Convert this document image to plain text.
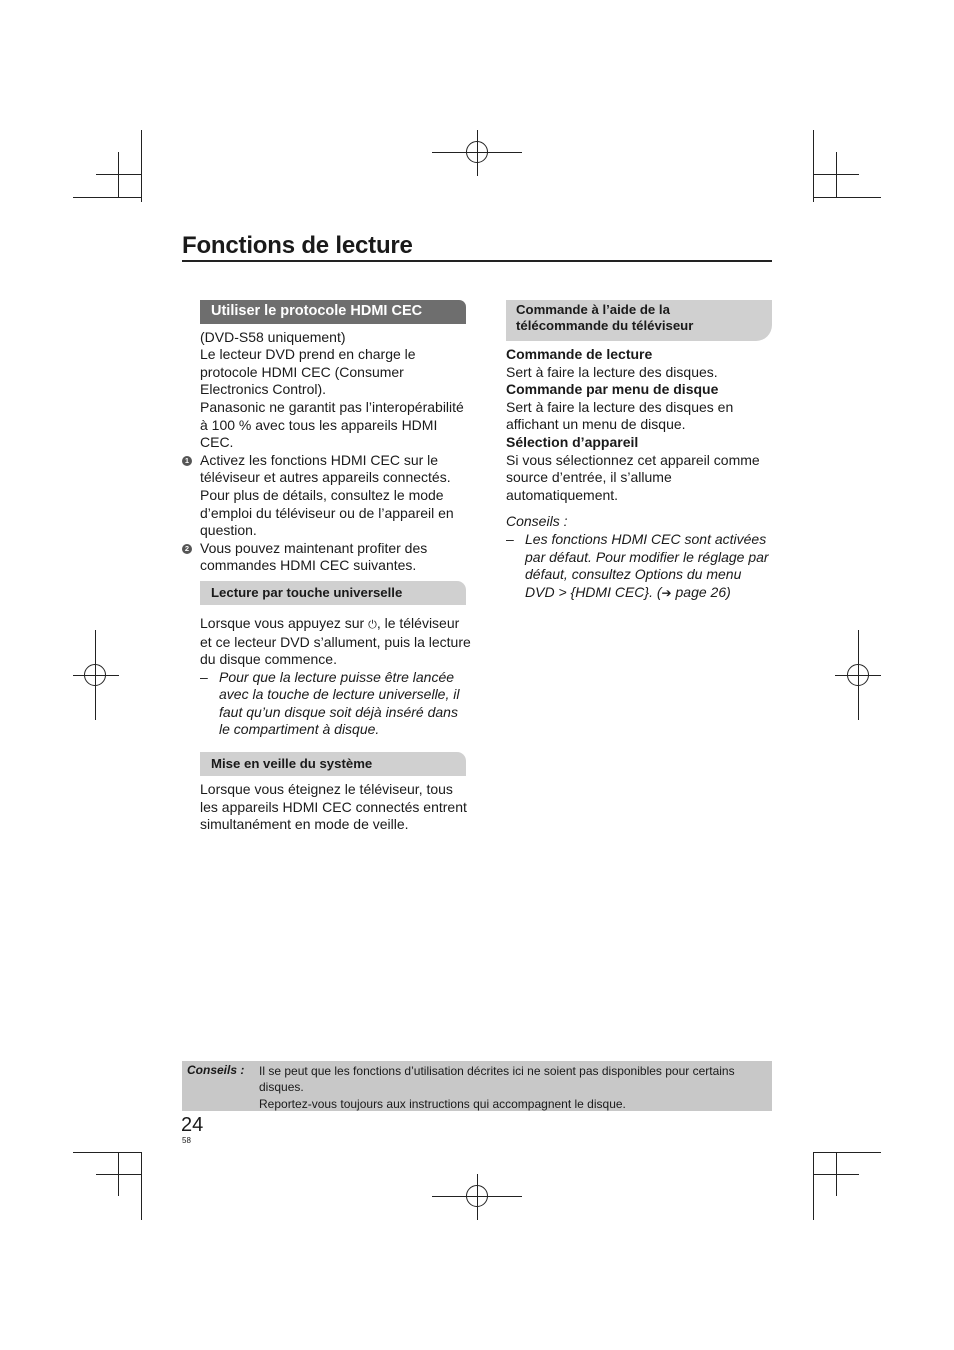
Fonctions de lecture
Utiliser le protocole HDMI CEC
(DVD-S58 uniquement)
Le lecteur DVD prend en charge le protocole HDMI CEC (Consumer Electronics Control).
Panasonic ne garantit pas l’interopérabilité à 100 % avec tous les appareils HDMI CEC.
1 Activez les fonctions HDMI CEC sur le téléviseur et autres appareils connectés. Pour plus de détails, consultez le mode d’emploi du téléviseur ou de l’appareil en question.
2 Vous pouvez maintenant profiter des commandes HDMI CEC suivantes.
Lecture par touche universelle
Lorsque vous appuyez sur ⏻, le téléviseur et ce lecteur DVD s’allument, puis la lecture du disque commence.
– Pour que la lecture puisse être lancée avec la touche de lecture universelle, il faut qu’un disque soit déjà inséré dans le compartiment à disque.
Mise en veille du système
Lorsque vous éteignez le téléviseur, tous les appareils HDMI CEC connectés entrent simultanément en mode de veille.
Commande à l’aide de la télécommande du téléviseur
Commande de lecture
Sert à faire la lecture des disques.
Commande par menu de disque
Sert à faire la lecture des disques en affichant un menu de disque.
Sélection d’appareil
Si vous sélectionnez cet appareil comme source d’entrée, il s’allume automatiquement.
Conseils :
– Les fonctions HDMI CEC sont activées par défaut. Pour modifier le réglage par défaut, consultez Options du menu DVD > {HDMI CEC}. (➔ page 26)
Conseils : Il se peut que les fonctions d’utilisation décrites ici ne soient pas disponibles pour certains disques.
Reportez-vous toujours aux instructions qui accompagnent le disque.
24
58
